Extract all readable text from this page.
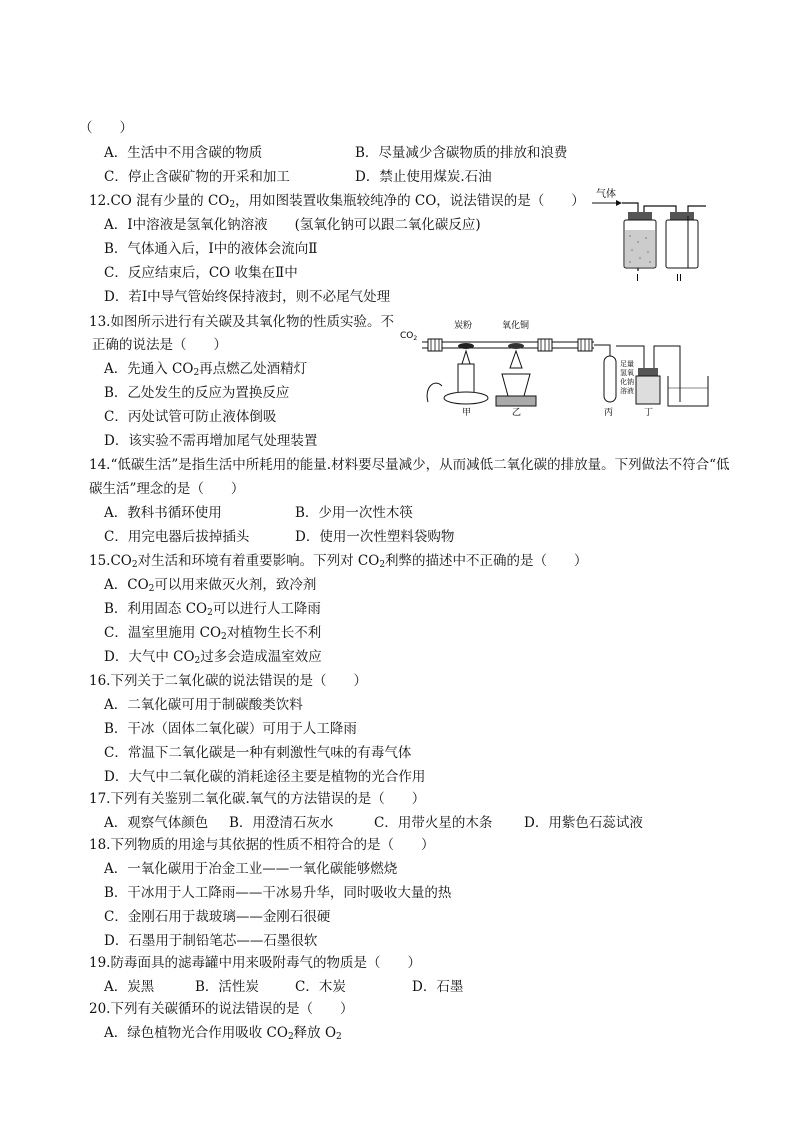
（　　）
A．生活中不用含碳的物质	B．尽量减少含碳物质的排放和浪费
C．停止含碳矿物的开采和加工	D．禁止使用煤炭.石油
12.CO 混有少量的 $CO_2$，用如图装置收集瓶较纯净的 CO，说法错误的是（　　）
A．Ⅰ中溶液是氢氧化钠溶液　　(氢氧化钠可以跟二氧化碳反应)
B．气体通入后，Ⅰ中的液体会流向Ⅱ
C．反应结束后，CO 收集在Ⅱ中
D．若Ⅰ中导气管始终保持液封，则不必尾气处理
气体
I	II
13.如图所示进行有关碳及其氧化物的性质实验。不
正确的说法是（　　）
A．先通入 $CO_2$再点燃乙处酒精灯
B．乙处发生的反应为置换反应
C．丙处试管可防止液体倒吸
D．该实验不需再增加尾气处理装置
$CO_2$
炭粉	氧化铜
甲	乙	丙
足量
氢氧
化钠
溶液
丁
14.“低碳生活”是指生活中所耗用的能量.材料要尽量减少，从而减低二氧化碳的排放量。下列做法不符合“低
碳生活”理念的是（　　）
A．教科书循环使用	B．少用一次性木筷
C．用完电器后拔掉插头	D．使用一次性塑料袋购物
$15.CO_2$对生活和环境有着重要影响。下列对 $CO_2$利弊的描述中不正确的是（　　）
A．$CO_2$可以用来做灭火剂，致冷剂
B．利用固态 $CO_2$可以进行人工降雨
C．温室里施用 $CO_2$对植物生长不利
D．大气中 $CO_2$过多会造成温室效应
16.下列关于二氧化碳的说法错误的是（　　）
A．二氧化碳可用于制碳酸类饮料
B．干冰（固体二氧化碳）可用于人工降雨
C．常温下二氧化碳是一种有刺激性气味的有毒气体
D．大气中二氧化碳的消耗途径主要是植物的光合作用
17.下列有关鉴别二氧化碳.氧气的方法错误的是（　　）
A．观察气体颜色 B．用澄清石灰水	C．用带火星的木条 D．用紫色石蕊试液
18.下列物质的用途与其依据的性质不相符合的是（　　）
A．一氧化碳用于冶金工业——一氧化碳能够燃烧
B．干冰用于人工降雨——干冰易升华，同时吸收大量的热
C．金刚石用于裁玻璃——金刚石很硬
D．石墨用于制铅笔芯——石墨很软
19.防毒面具的滤毒罐中用来吸附毒气的物质是（　　）
A．炭黑	B．活性炭	C．木炭	D．石墨
20.下列有关碳循环的说法错误的是（　　）
A．绿色植物光合作用吸收 $CO_2$释放 $O_2$
